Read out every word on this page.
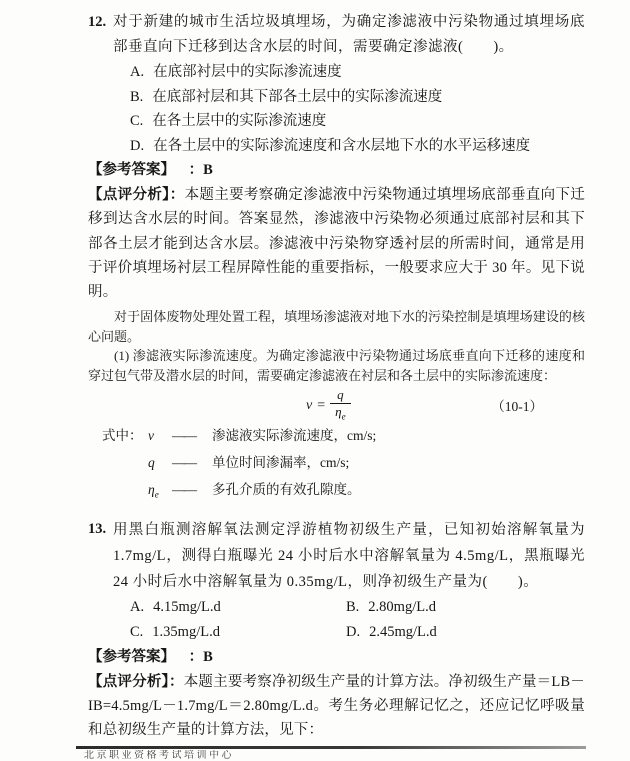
12. 对于新建的城市生活垃圾填埋场，为确定渗滤液中污染物通过填埋场底部垂直向下迁移到达含水层的时间，需要确定渗滤液(　　)。
A. 在底部衬层中的实际渗流速度
B. 在底部衬层和其下部各土层中的实际渗流速度
C. 在各土层中的实际渗流速度
D. 在各土层中的实际渗流速度和含水层地下水的水平运移速度
【参考答案】 ：B
【点评分析】：本题主要考察确定渗滤液中污染物通过填埋场底部垂直向下迁移到达含水层的时间。答案显然，渗滤液中污染物必须通过底部衬层和其下部各土层才能到达含水层。渗滤液中污染物穿透衬层的所需时间，通常是用于评价填埋场衬层工程屏障性能的重要指标，一般要求应大于 30 年。见下说明。
对于固体废物处理处置工程，填埋场渗滤液对地下水的污染控制是填埋场建设的核心问题。
(1) 渗滤液实际渗流速度。为确定渗滤液中污染物通过场底垂直向下迁移的速度和穿过包气带及潜水层的时间，需要确定渗滤液在衬层和各土层中的实际渗流速度：
$\nu = \frac{q}{\eta_e}$	（10-1）
式中： v	——	渗滤液实际渗流速度，cm/s;
q	——	单位时间渗漏率，cm/s;
$\eta_e$ ——	多孔介质的有效孔隙度。
13. 用黑白瓶测溶解氧法测定浮游植物初级生产量，已知初始溶解氧量为 1.7mg/L，测得白瓶曝光 24 小时后水中溶解氧量为 4.5mg/L，黑瓶曝光 24 小时后水中溶解氧量为 0.35mg/L，则净初级生产量为(　　)。
A. 4.15mg/L.d	B. 2.80mg/L.d
C. 1.35mg/L.d	D. 2.45mg/L.d
【参考答案】 ：B
【点评分析】：本题主要考察净初级生产量的计算方法。净初级生产量＝LB－IB=4.5mg/L－1.7mg/L＝2.80mg/L.d。考生务必理解记忆之，还应记忆呼吸量和总初级生产量的计算方法，见下：
北京职业资格考试培训中心
